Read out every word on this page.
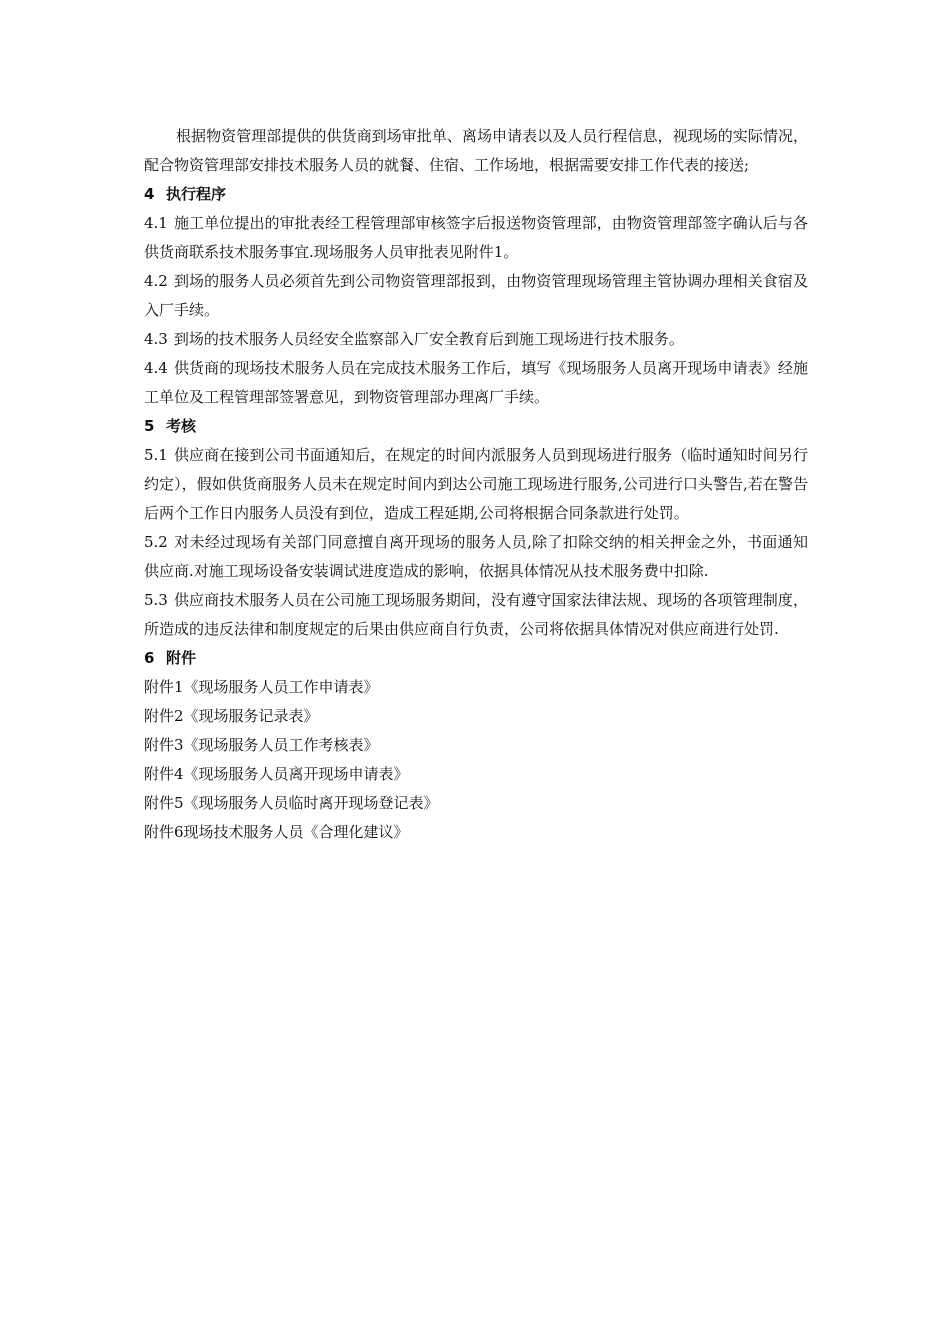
根据物资管理部提供的供货商到场审批单、离场申请表以及人员行程信息，视现场的实际情况，配合物资管理部安排技术服务人员的就餐、住宿、工作场地，根据需要安排工作代表的接送;

4 执行程序

4.1 施工单位提出的审批表经工程管理部审核签字后报送物资管理部，由物资管理部签字确认后与各供货商联系技术服务事宜.现场服务人员审批表见附件1。

4.2 到场的服务人员必须首先到公司物资管理部报到，由物资管理现场管理主管协调办理相关食宿及入厂手续。

4.3 到场的技术服务人员经安全监察部入厂安全教育后到施工现场进行技术服务。

4.4 供货商的现场技术服务人员在完成技术服务工作后，填写《现场服务人员离开现场申请表》经施工单位及工程管理部签署意见，到物资管理部办理离厂手续。

5 考核

5.1 供应商在接到公司书面通知后，在规定的时间内派服务人员到现场进行服务（临时通知时间另行约定），假如供货商服务人员未在规定时间内到达公司施工现场进行服务,公司进行口头警告,若在警告后两个工作日内服务人员没有到位，造成工程延期,公司将根据合同条款进行处罚。

5.2 对未经过现场有关部门同意擅自离开现场的服务人员,除了扣除交纳的相关押金之外，书面通知供应商.对施工现场设备安装调试进度造成的影响，依据具体情况从技术服务费中扣除.

5.3 供应商技术服务人员在公司施工现场服务期间，没有遵守国家法律法规、现场的各项管理制度，所造成的违反法律和制度规定的后果由供应商自行负责，公司将依据具体情况对供应商进行处罚.

6 附件

附件1《现场服务人员工作申请表》

附件2《现场服务记录表》

附件3《现场服务人员工作考核表》

附件4《现场服务人员离开现场申请表》

附件5《现场服务人员临时离开现场登记表》

附件6现场技术服务人员《合理化建议》
